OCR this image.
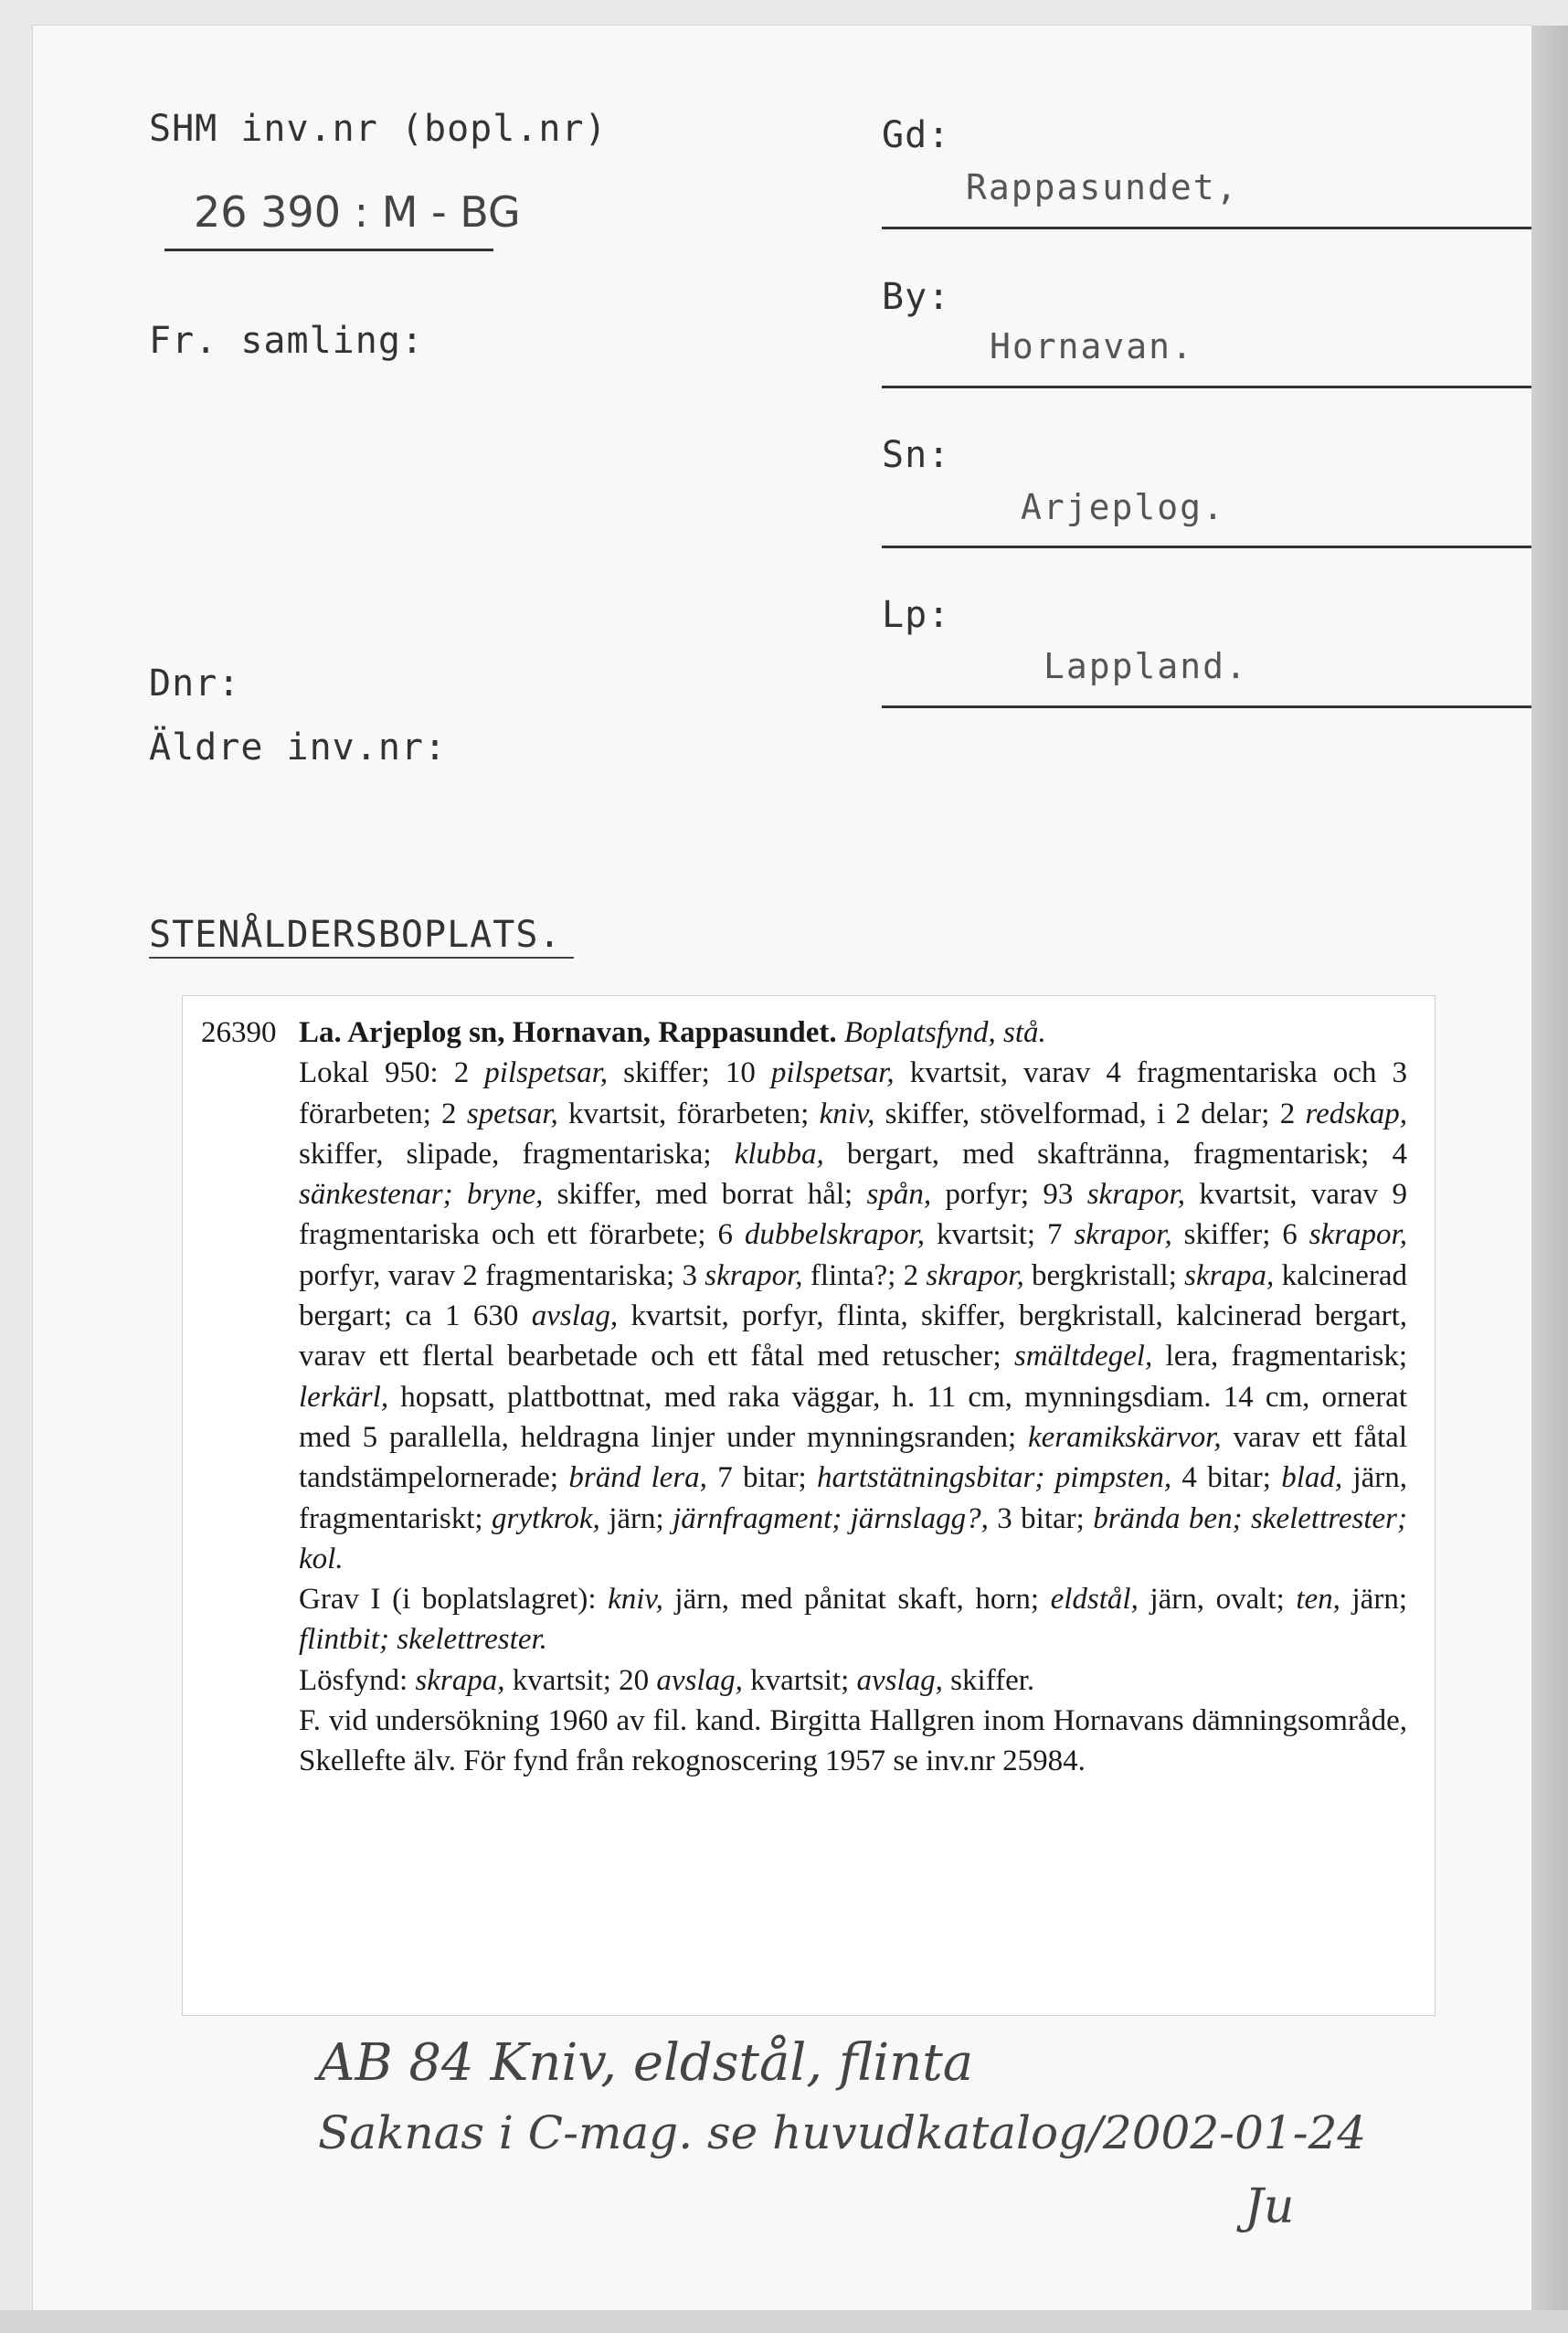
SHM inv.nr (bopl.nr)
26 390 : M - BG
Fr. samling:
Dnr:
Äldre inv.nr:
STENÅLDERSBOPLATS.
Gd:
Rappasundet,
By:
Hornavan.
Sn:
Arjeplog.
Lp:
Lappland.
26390 La. Arjeplog sn, Hornavan, Rappasundet. Boplatsfynd, stå.
Lokal 950: 2 pilspetsar, skiffer; 10 pilspetsar, kvartsit, varav 4 fragmentariska och 3 förarbeten; 2 spetsar, kvartsit, förarbeten; kniv, skiffer, stövelformad, i 2 delar; 2 redskap, skiffer, slipade, fragmentariska; klubba, bergart, med skaftränna, fragmentarisk; 4 sänkestenar; bryne, skiffer, med borrat hål; spån, porfyr; 93 skrapor, kvartsit, varav 9 fragmentariska och ett förarbete; 6 dubbelskrapor, kvartsit; 7 skrapor, skiffer; 6 skrapor, porfyr, varav 2 fragmentariska; 3 skrapor, flinta?; 2 skrapor, bergkristall; skrapa, kalcinerad bergart; ca 1 630 avslag, kvartsit, porfyr, flinta, skiffer, bergkristall, kalcinerad bergart, varav ett flertal bearbetade och ett fåtal med retuscher; smältdegel, lera, fragmentarisk; lerkärl, hopsatt, plattbottnat, med raka väggar, h. 11 cm, mynningsdiam. 14 cm, ornerat med 5 parallella, heldragna linjer under mynningsranden; keramikskärvor, varav ett fåtal tandstämpelornerade; bränd lera, 7 bitar; hartstätningsbitar; pimpsten, 4 bitar; blad, järn, fragmentariskt; grytkrok, järn; järnfragment; järnslagg?, 3 bitar; brända ben; skelettrester; kol.
Grav I (i boplatslagret): kniv, järn, med pånitat skaft, horn; eldstål, järn, ovalt; ten, järn; flintbit; skelettrester.
Lösfynd: skrapa, kvartsit; 20 avslag, kvartsit; avslag, skiffer.
F. vid undersökning 1960 av fil. kand. Birgitta Hallgren inom Hornavans dämningsområde, Skellefte älv. För fynd från rekognoscering 1957 se inv.nr 25984.
AB 84 Kniv, eldstål, flinta
Saknas i C-mag. se huvudkatalog/2002-01-24
Ju
